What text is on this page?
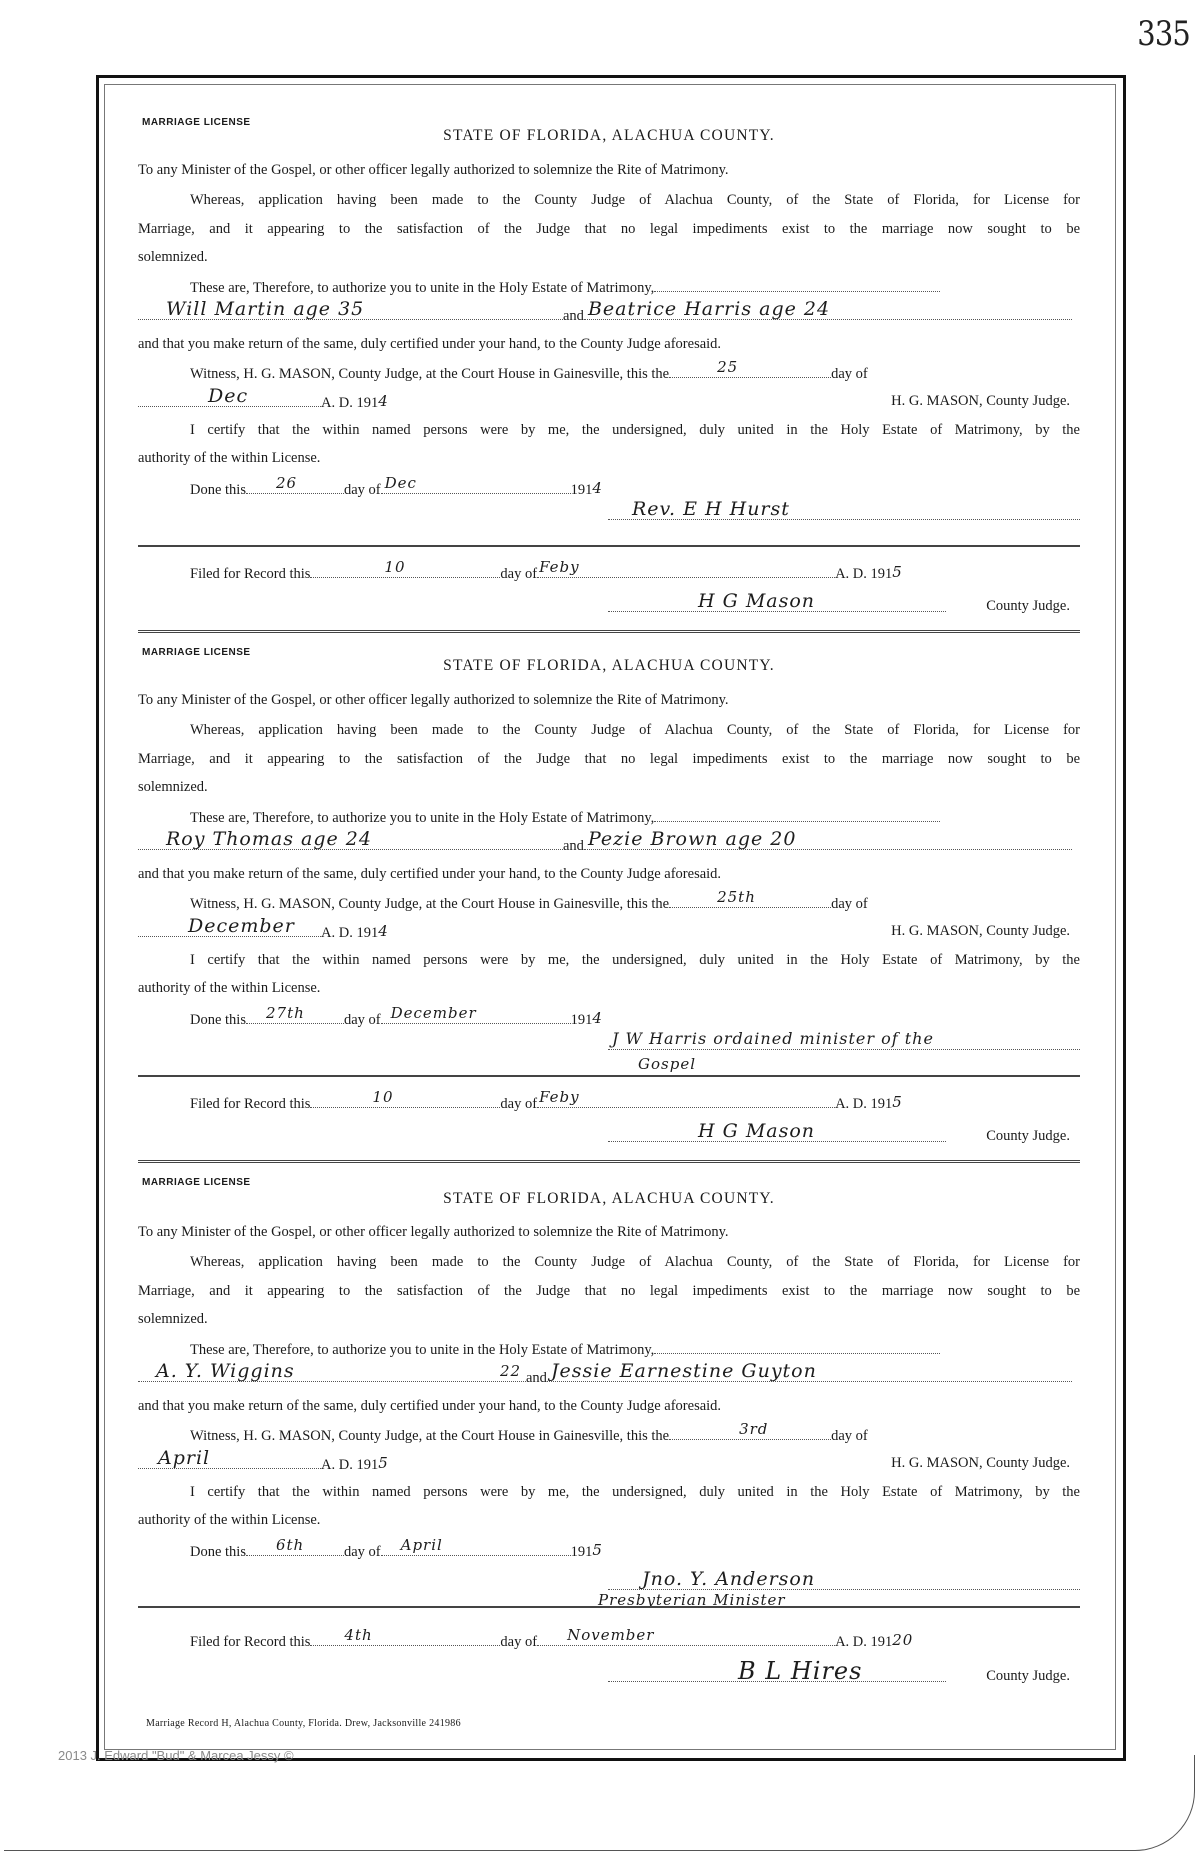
335
MARRIAGE LICENSE
STATE OF FLORIDA, ALACHUA COUNTY.
To any Minister of the Gospel, or other officer legally authorized to solemnize the Rite of Matrimony.
Whereas, application having been made to the County Judge of Alachua County, of the State of Florida, for License for
Marriage, and it appearing to the satisfaction of the Judge that no legal impediments exist to the marriage now sought to be
solemnized.
These are, Therefore, to authorize you to unite in the Holy Estate of Matrimony,
Will Martin age 35	and Beatrice Harris age 24
and that you make return of the same, duly certified under your hand, to the County Judge aforesaid.
Witness, H. G. MASON, County Judge, at the Court House in Gainesville, this the	25	day of
Dec	A. D. 1914	H. G. MASON, County Judge.
I certify that the within named persons were by me, the undersigned, duly united in the Holy Estate of Matrimony, by the
authority of the within License.
Done this 26	day of Dec	1914
Rev. E H Hurst
Filed for Record this	10	day of Feby	A. D. 1915
H G Mason	County Judge.
MARRIAGE LICENSE
STATE OF FLORIDA, ALACHUA COUNTY.
To any Minister of the Gospel, or other officer legally authorized to solemnize the Rite of Matrimony.
Whereas, application having been made to the County Judge of Alachua County, of the State of Florida, for License for
Marriage, and it appearing to the satisfaction of the Judge that no legal impediments exist to the marriage now sought to be
solemnized.
These are, Therefore, to authorize you to unite in the Holy Estate of Matrimony,
Roy Thomas age 24	and Pezie Brown age 20
and that you make return of the same, duly certified under your hand, to the County Judge aforesaid.
Witness, H. G. MASON, County Judge, at the Court House in Gainesville, this the	25th	day of
December A. D. 1914	H. G. MASON, County Judge.
I certify that the within named persons were by me, the undersigned, duly united in the Holy Estate of Matrimony, by the
authority of the within License.
Done this 27th	day of December	1914
J W Harris ordained minister of the
Gospel
Filed for Record this	10	day of Feby	A. D. 1915
H G Mason	County Judge.
MARRIAGE LICENSE
STATE OF FLORIDA, ALACHUA COUNTY.
To any Minister of the Gospel, or other officer legally authorized to solemnize the Rite of Matrimony.
Whereas, application having been made to the County Judge of Alachua County, of the State of Florida, for License for
Marriage, and it appearing to the satisfaction of the Judge that no legal impediments exist to the marriage now sought to be
solemnized.
These are, Therefore, to authorize you to unite in the Holy Estate of Matrimony,
A. Y. Wiggins	22 and Jessie Earnestine Guyton
and that you make return of the same, duly certified under your hand, to the County Judge aforesaid.
Witness, H. G. MASON, County Judge, at the Court House in Gainesville, this the	3rd	day of
April	A. D. 1915	H. G. MASON, County Judge.
I certify that the within named persons were by me, the undersigned, duly united in the Holy Estate of Matrimony, by the
authority of the within License.
Done this 6th	day of April	1915
Jno. Y. Anderson
Presbyterian Minister
Filed for Record this 4th	day of November	A. D. 19120
B L Hires	County Judge.
Marriage Record H, Alachua County, Florida. Drew, Jacksonville 241986
2013 J. Edward "Bud" & Marcea Jessy ©
